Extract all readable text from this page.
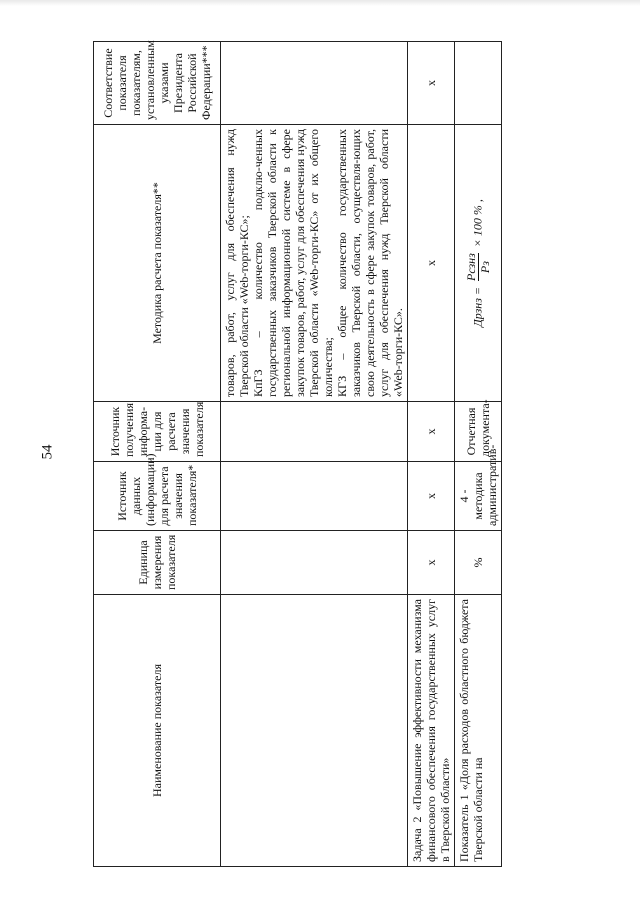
54
Наименование показателя	Единица измерения показателя	Источник данных (информации) для расчета значения показателя*	Источник получения информа-ции для расчета значения показателя	Методика расчета показателя**	Соответствие показателя показателям, установленным указами Президента Российской Федерации***

				товаров, работ, услуг для обеспечения нужд Тверской области «Web-торги-КС»; КпГЗ – количество подклю-ченных государственных заказчиков Тверской области к региональной информационной системе в сфере закупок товаров, работ, услуг для обеспечения нужд Тверской области «Web-торги-КС» от их общего количества; КГЗ – общее количество государственных заказчиков Тверской области, осуществля-ющих свою деятельность в сфере закупок товаров, работ, услуг для обеспечения нужд Тверской области «Web-торги-КС».	

Задача 2 «Повышение эффективности механизма финансового обеспечения государственных услуг в Тверской области»	х	х	х	х	х
Показатель 1 «Доля расходов областного бюджета Тверской области на	%	4 - методика административ-	Отчетная документа-	Дрзнз =
Рсзнз Рз
× 100 % ,	
